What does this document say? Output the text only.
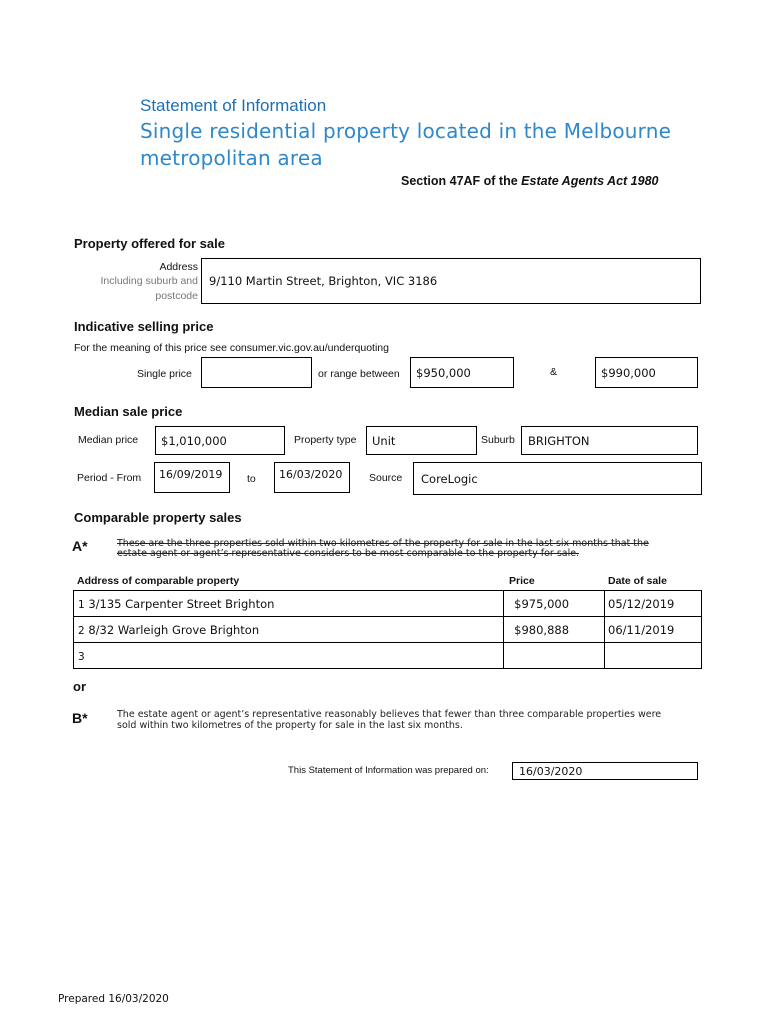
Statement of Information
Single residential property located in the Melbourne
metropolitan area
Section 47AF of the Estate Agents Act 1980
Property offered for sale
Address
Including suburb and
postcode
9/110 Martin Street, Brighton, VIC 3186
Indicative selling price
For the meaning of this price see consumer.vic.gov.au/underquoting
Single price	or range between	$950,000	&	$990,000
Median sale price
Median price	$1,010,000	Property type	Unit	Suburb	BRIGHTON
Period - From	16/09/2019	to	16/03/2020	Source	CoreLogic
Comparable property sales
A*	These are the three properties sold within two kilometres of the property for sale in the last six months that the
estate agent or agent’s representative considers to be most comparable to the property for sale.
Address of comparable property	Price	Date of sale
1 3/135 Carpenter Street Brighton	$975,000	05/12/2019
2 8/32 Warleigh Grove Brighton	$980,888	06/11/2019
3		
or
B*	The estate agent or agent’s representative reasonably believes that fewer than three comparable properties were
sold within two kilometres of the property for sale in the last six months.
This Statement of Information was prepared on:	16/03/2020
Prepared 16/03/2020
